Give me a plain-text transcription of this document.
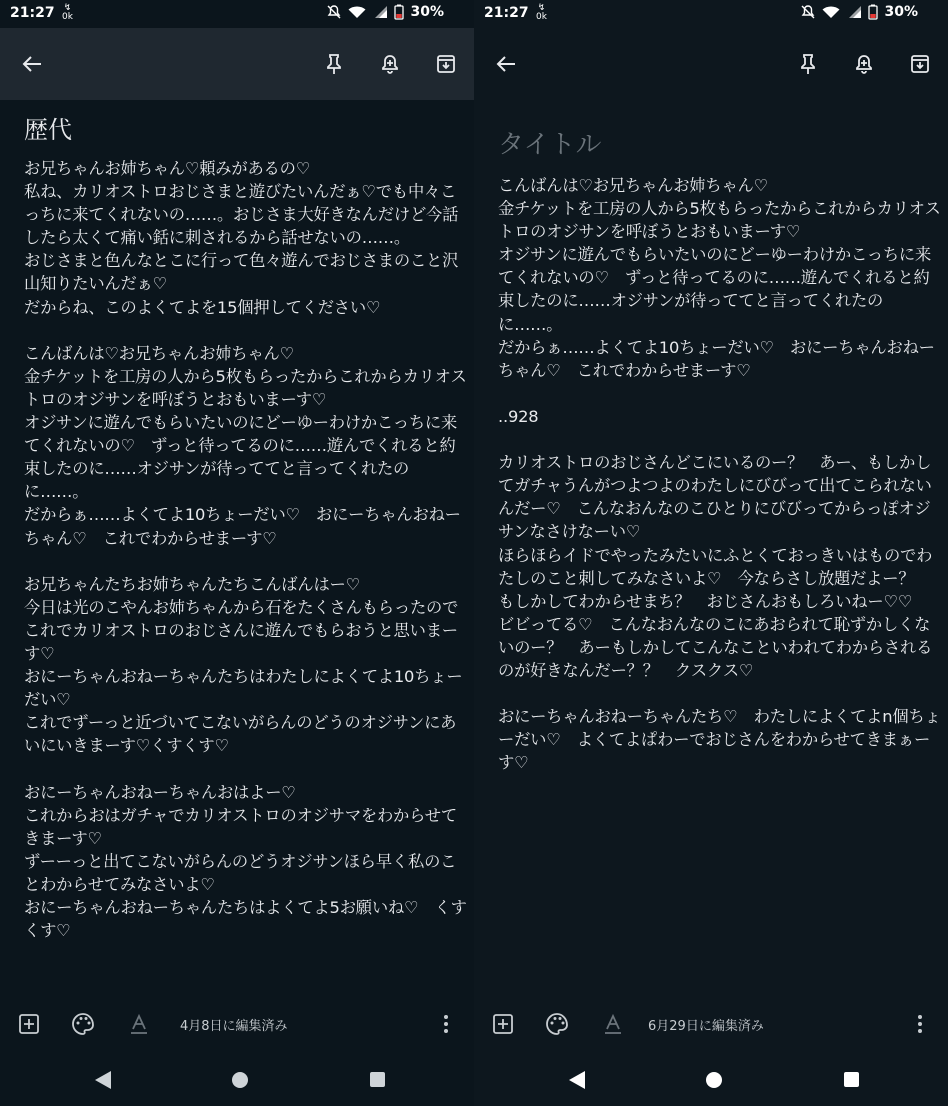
21:27 ↯
0k	30%
歴代
お兄ちゃんお姉ちゃん♡頼みがあるの♡
私ね、カリオストロおじさまと遊びたいんだぁ♡でも中々こっちに来てくれないの……。おじさま大好きなんだけど今話したら太くて痛い銛に刺されるから話せないの……。
おじさまと色んなとこに行って色々遊んでおじさまのこと沢山知りたいんだぁ♡
だからね、このよくてよを15個押してください♡

こんばんは♡お兄ちゃんお姉ちゃん♡
金チケットを工房の人から5枚もらったからこれからカリオストロのオジサンを呼ぼうとおもいまーす♡
オジサンに遊んでもらいたいのにどーゆーわけかこっちに来てくれないの♡　ずっと待ってるのに……遊んでくれると約束したのに……オジサンが待っててと言ってくれたのに……。
だからぁ……よくてよ10ちょーだい♡　おにーちゃんおねーちゃん♡　これでわからせまーす♡

お兄ちゃんたちお姉ちゃんたちこんばんはー♡
今日は光のこやんお姉ちゃんから石をたくさんもらったのでこれでカリオストロのおじさんに遊んでもらおうと思いまーす♡
おにーちゃんおねーちゃんたちはわたしによくてよ10ちょーだい♡
これでずーっと近づいてこないがらんのどうのオジサンにあいにいきまーす♡くすくす♡

おにーちゃんおねーちゃんおはよー♡
これからおはガチャでカリオストロのオジサマをわからせてきまーす♡
ずーーっと出てこないがらんのどうオジサンほら早く私のことわからせてみなさいよ♡
おにーちゃんおねーちゃんたちはよくてよ5お願いね♡　くすくす♡
4月8日に編集済み
21:27 ↯
0k	30%
タイトル
こんばんは♡お兄ちゃんお姉ちゃん♡
金チケットを工房の人から5枚もらったからこれからカリオストロのオジサンを呼ぼうとおもいまーす♡
オジサンに遊んでもらいたいのにどーゆーわけかこっちに来てくれないの♡　ずっと待ってるのに……遊んでくれると約束したのに……オジサンが待っててと言ってくれたのに……。
だからぁ……よくてよ10ちょーだい♡　おにーちゃんおねーちゃん♡　これでわからせまーす♡

..928

カリオストロのおじさんどこにいるのー？　あー、もしかしてガチャうんがつよつよのわたしにびびって出てこられないんだー♡　こんなおんなのこひとりにびびってからっぽオジサンなさけなーい♡
ほらほらイドでやったみたいにふとくておっきいはものでわたしのこと刺してみなさいよ♡　今ならさし放題だよー？　もしかしてわからせまち？　おじさんおもしろいねー♡♡　ビビってる♡　こんなおんなのこにあおられて恥ずかしくないのー？　あーもしかしてこんなこといわれてわからされるのが好きなんだー？？　クスクス♡

おにーちゃんおねーちゃんたち♡　わたしによくてよn個ちょーだい♡　よくてよぱわーでおじさんをわからせてきまぁーす♡
6月29日に編集済み
